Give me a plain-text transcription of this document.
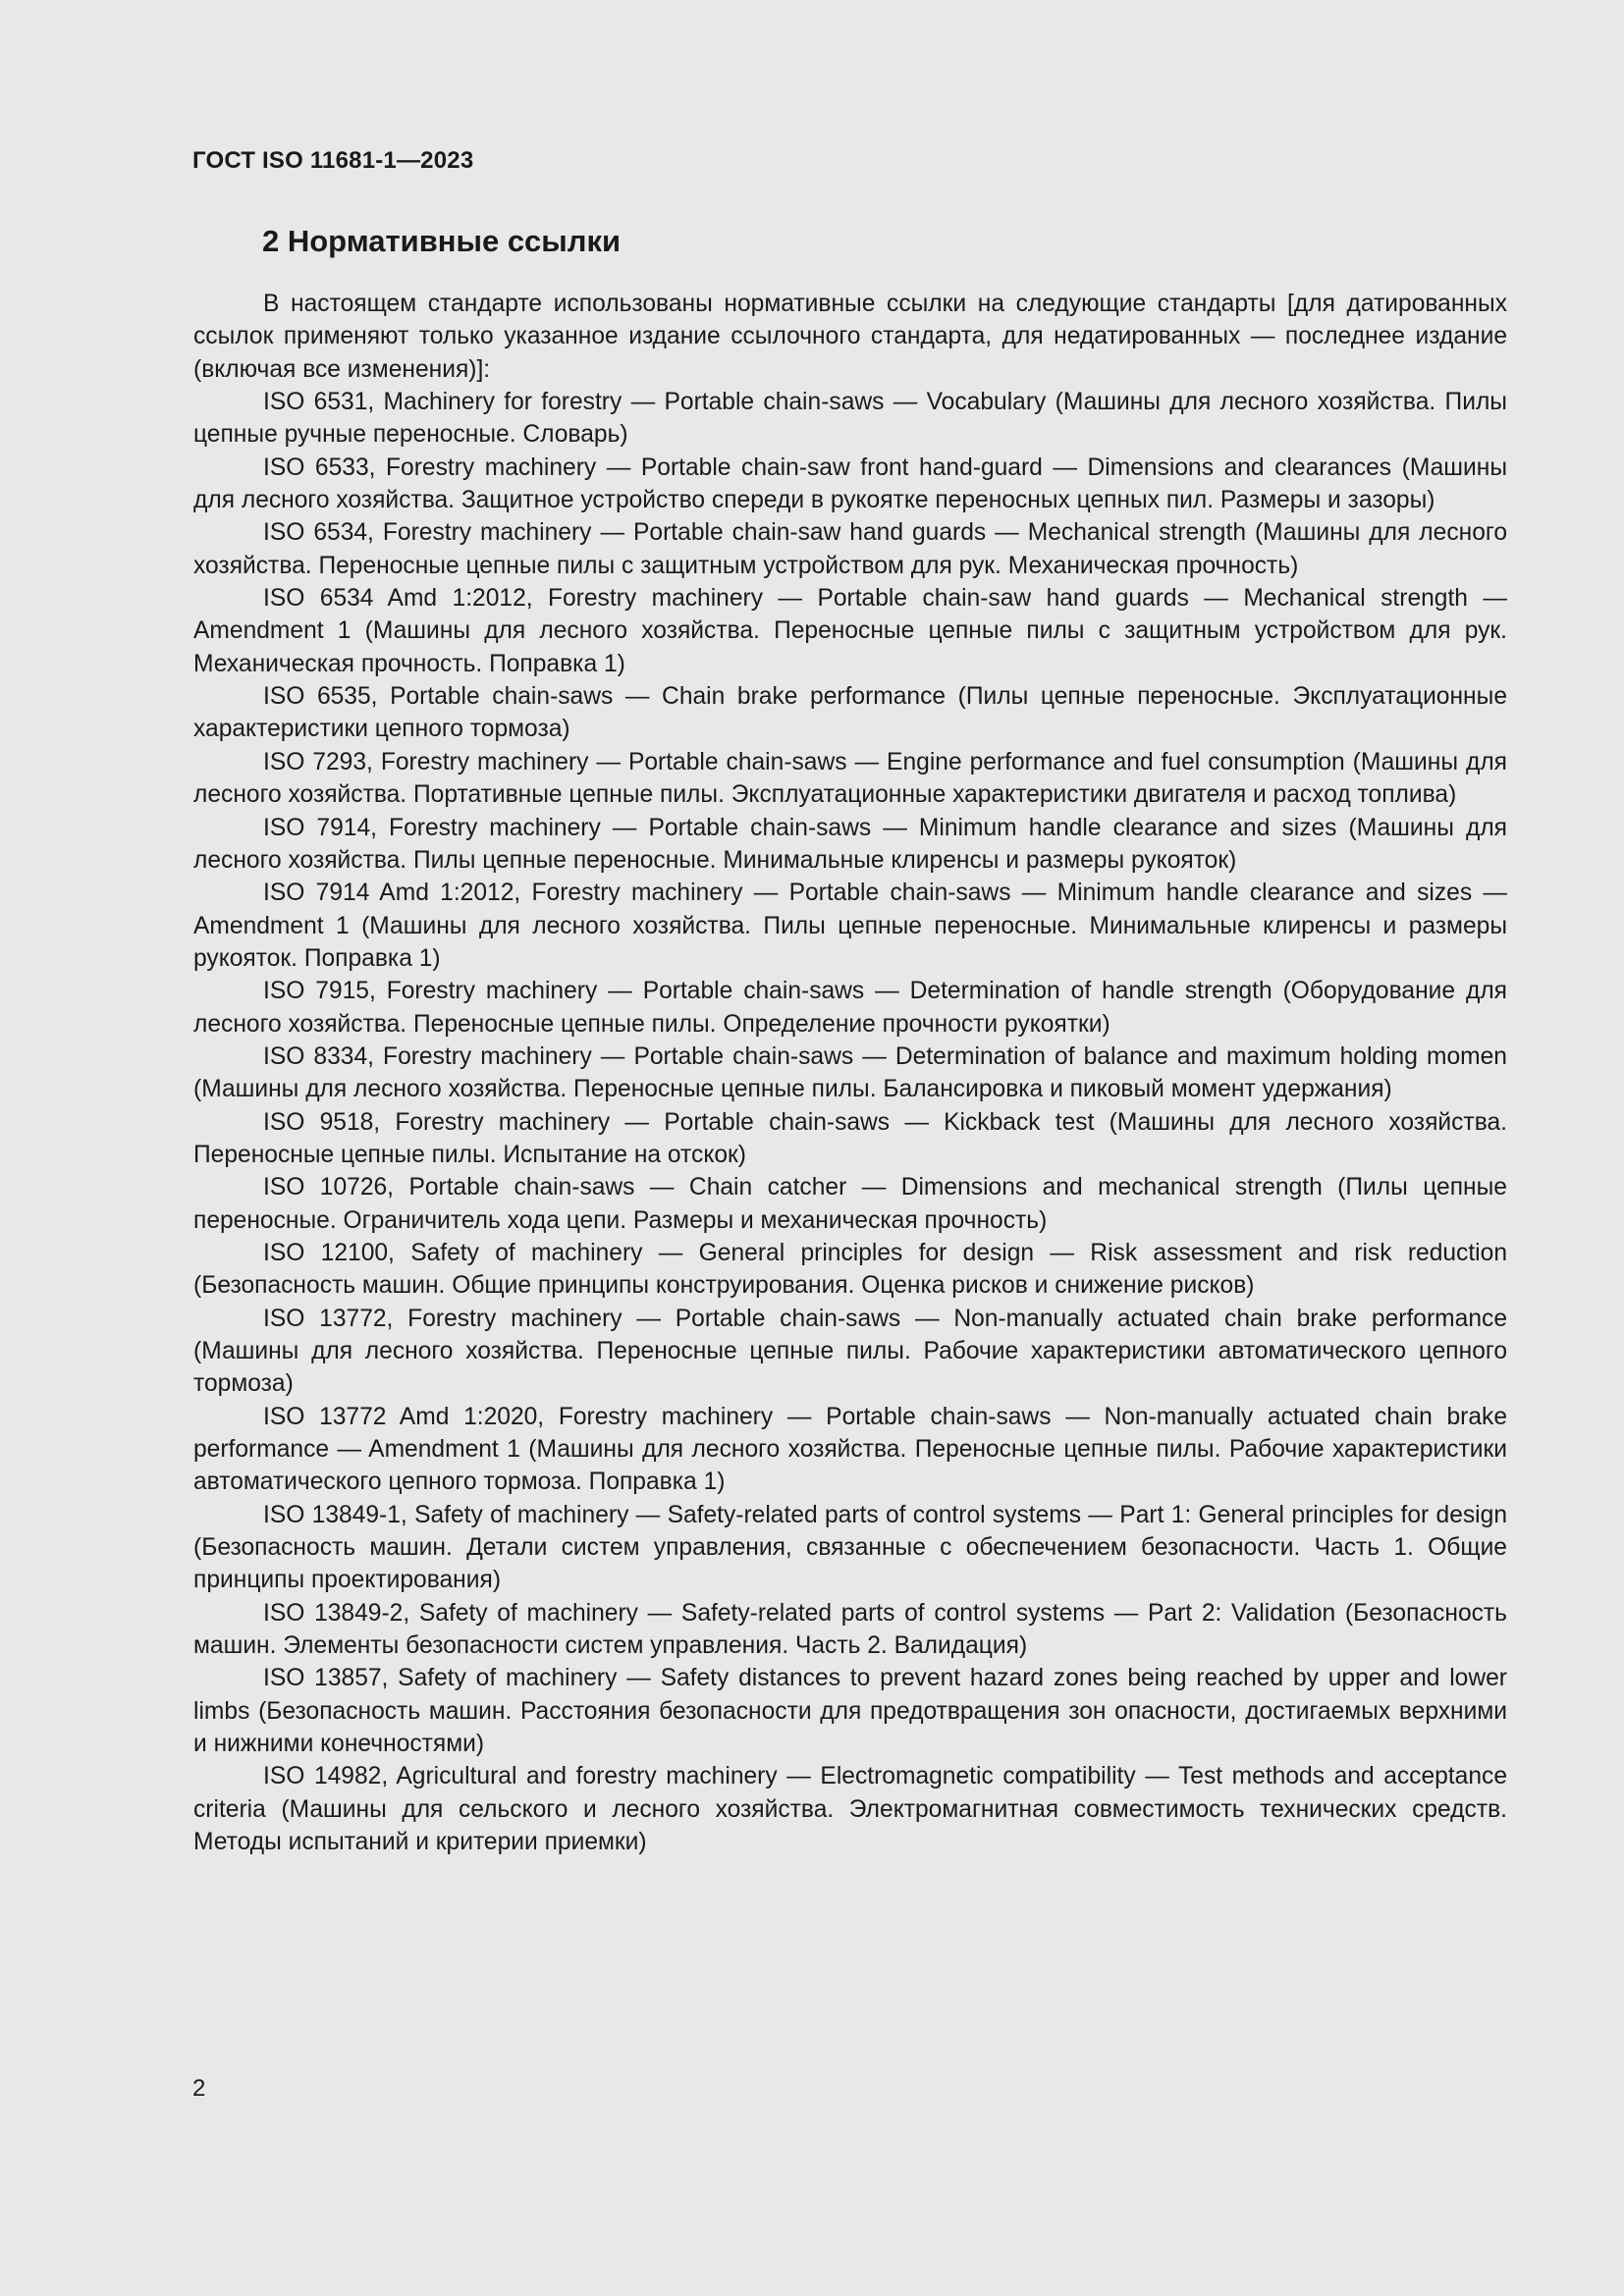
ГОСТ ISO 11681-1—2023
2 Нормативные ссылки

В настоящем стандарте использованы нормативные ссылки на следующие стандарты [для датированных ссылок применяют только указанное издание ссылочного стандарта, для недатированных — последнее издание (включая все изменения)]:

ISO 6531, Machinery for forestry — Portable chain-saws — Vocabulary (Машины для лесного хозяйства. Пилы цепные ручные переносные. Словарь)

ISO 6533, Forestry machinery — Portable chain-saw front hand-guard — Dimensions and clearances (Машины для лесного хозяйства. Защитное устройство спереди в рукоятке переносных цепных пил. Размеры и зазоры)

ISO 6534, Forestry machinery — Portable chain-saw hand guards — Mechanical strength (Машины для лесного хозяйства. Переносные цепные пилы с защитным устройством для рук. Механическая прочность)

ISO 6534 Amd 1:2012, Forestry machinery — Portable chain-saw hand guards — Mechanical strength — Amendment 1 (Машины для лесного хозяйства. Переносные цепные пилы с защитным устройством для рук. Механическая прочность. Поправка 1)

ISO 6535, Portable chain-saws — Chain brake performance (Пилы цепные переносные. Эксплуатационные характеристики цепного тормоза)

ISO 7293, Forestry machinery — Portable chain-saws — Engine performance and fuel consumption (Машины для лесного хозяйства. Портативные цепные пилы. Эксплуатационные характеристики двигателя и расход топлива)

ISO 7914, Forestry machinery — Portable chain-saws — Minimum handle clearance and sizes (Машины для лесного хозяйства. Пилы цепные переносные. Минимальные клиренсы и размеры рукояток)

ISO 7914 Amd 1:2012, Forestry machinery — Portable chain-saws — Minimum handle clearance and sizes — Amendment 1 (Машины для лесного хозяйства. Пилы цепные переносные. Минимальные клиренсы и размеры рукояток. Поправка 1)

ISO 7915, Forestry machinery — Portable chain-saws — Determination of handle strength (Оборудование для лесного хозяйства. Переносные цепные пилы. Определение прочности рукоятки)

ISO 8334, Forestry machinery — Portable chain-saws — Determination of balance and maximum holding momen (Машины для лесного хозяйства. Переносные цепные пилы. Балансировка и пиковый момент удержания)

ISO 9518, Forestry machinery — Portable chain-saws — Kickback test (Машины для лесного хозяйства. Переносные цепные пилы. Испытание на отскок)

ISO 10726, Portable chain-saws — Chain catcher — Dimensions and mechanical strength (Пилы цепные переносные. Ограничитель хода цепи. Размеры и механическая прочность)

ISO 12100, Safety of machinery — General principles for design — Risk assessment and risk reduction (Безопасность машин. Общие принципы конструирования. Оценка рисков и снижение рисков)

ISO 13772, Forestry machinery — Portable chain-saws — Non-manually actuated chain brake performance (Машины для лесного хозяйства. Переносные цепные пилы. Рабочие характеристики автоматического цепного тормоза)

ISO 13772 Amd 1:2020, Forestry machinery — Portable chain-saws — Non-manually actuated chain brake performance — Amendment 1 (Машины для лесного хозяйства. Переносные цепные пилы. Рабочие характеристики автоматического цепного тормоза. Поправка 1)

ISO 13849-1, Safety of machinery — Safety-related parts of control systems — Part 1: General principles for design (Безопасность машин. Детали систем управления, связанные с обеспечением безопасности. Часть 1. Общие принципы проектирования)

ISO 13849-2, Safety of machinery — Safety-related parts of control systems — Part 2: Validation (Безопасность машин. Элементы безопасности систем управления. Часть 2. Валидация)

ISO 13857, Safety of machinery — Safety distances to prevent hazard zones being reached by upper and lower limbs (Безопасность машин. Расстояния безопасности для предотвращения зон опасности, достигаемых верхними и нижними конечностями)

ISO 14982, Agricultural and forestry machinery — Electromagnetic compatibility — Test methods and acceptance criteria (Машины для сельского и лесного хозяйства. Электромагнитная совместимость технических средств. Методы испытаний и критерии приемки)

2
